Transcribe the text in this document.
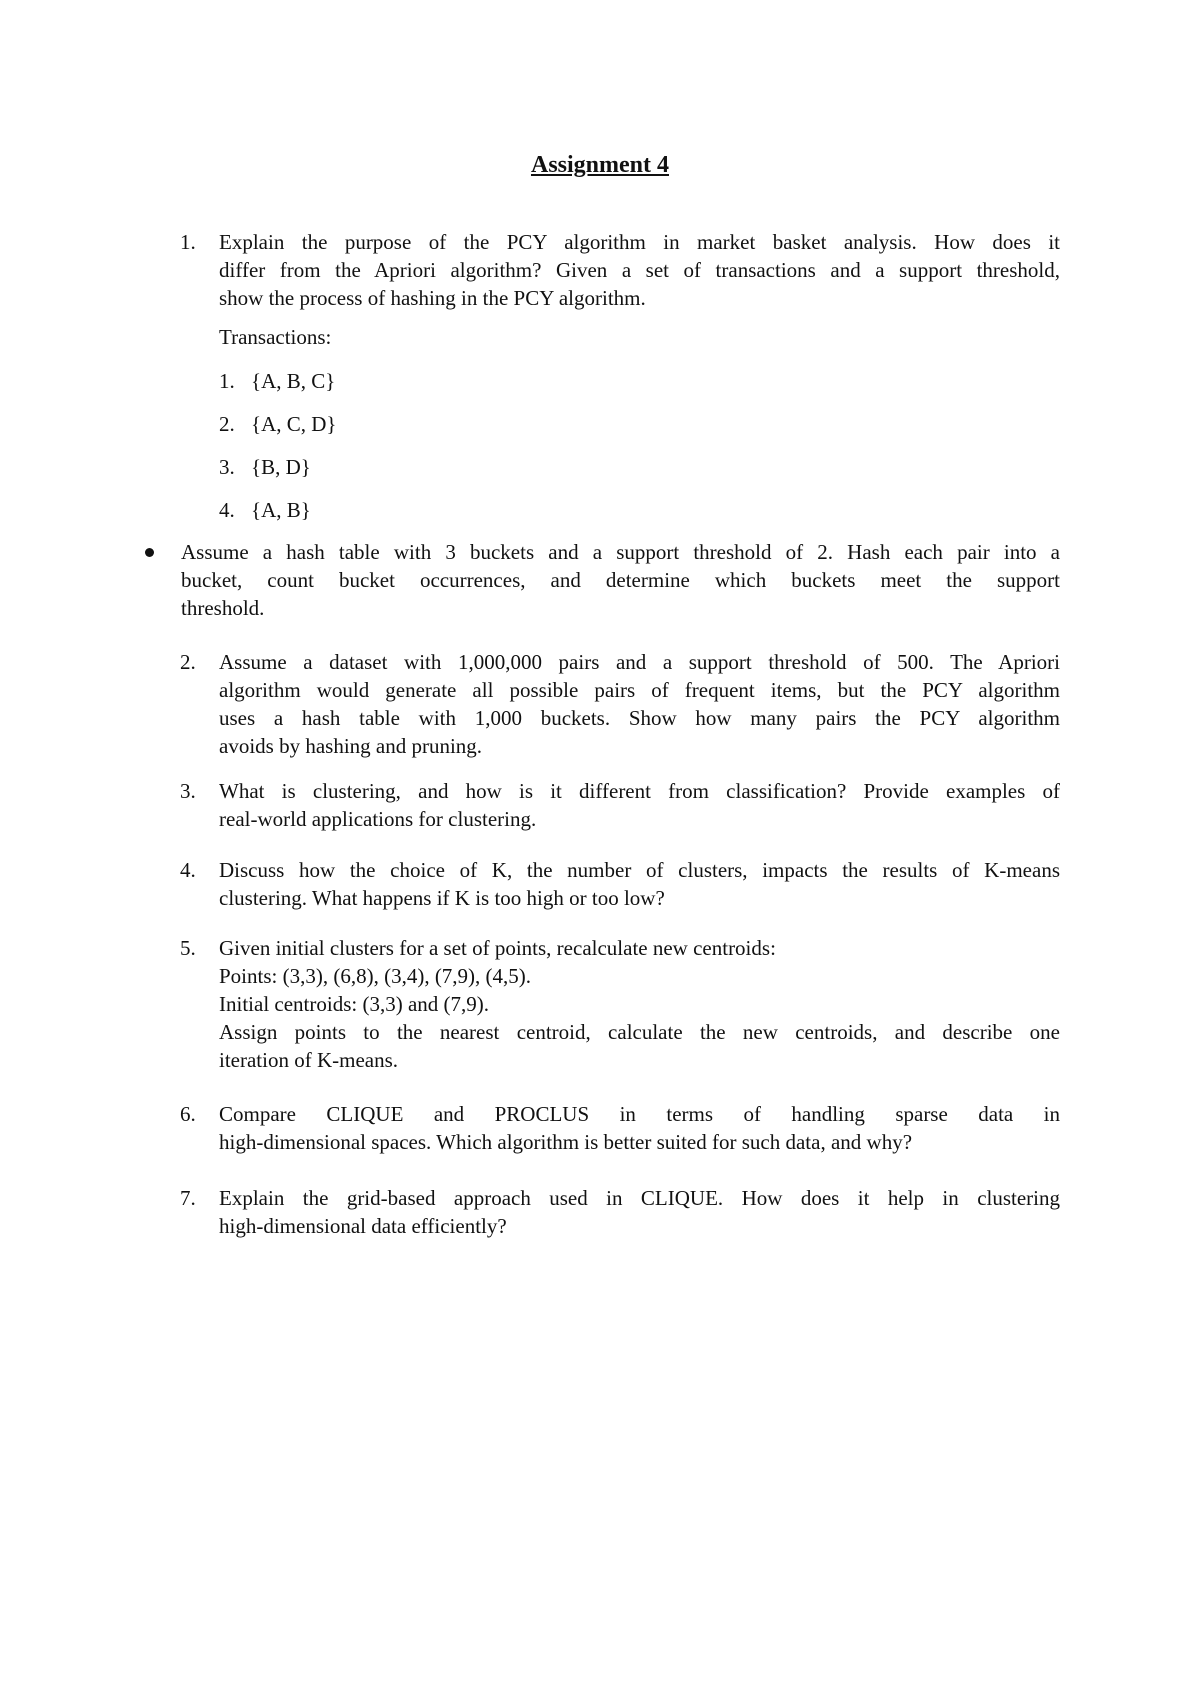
Assignment 4
1.	Explain the purpose of the PCY algorithm in market basket analysis. How does it
differ from the Apriori algorithm? Given a set of transactions and a support threshold,
show the process of hashing in the PCY algorithm.
Transactions:
1. {A, B, C}
2. {A, C, D}
3. {B, D}
4. {A, B}
Assume a hash table with 3 buckets and a support threshold of 2. Hash each pair into a
bucket, count bucket occurrences, and determine which buckets meet the support
threshold.
2.	Assume a dataset with 1,000,000 pairs and a support threshold of 500. The Apriori
algorithm would generate all possible pairs of frequent items, but the PCY algorithm
uses a hash table with 1,000 buckets. Show how many pairs the PCY algorithm
avoids by hashing and pruning.
3.	What is clustering, and how is it different from classification? Provide examples of
real-world applications for clustering.
4.	Discuss how the choice of K, the number of clusters, impacts the results of K-means
clustering. What happens if K is too high or too low?
5.	Given initial clusters for a set of points, recalculate new centroids:
Points: (3,3), (6,8), (3,4), (7,9), (4,5).
Initial centroids: (3,3) and (7,9).
Assign points to the nearest centroid, calculate the new centroids, and describe one
iteration of K-means.
6.	Compare CLIQUE and PROCLUS in terms of handling sparse data in
high-dimensional spaces. Which algorithm is better suited for such data, and why?
7.	Explain the grid-based approach used in CLIQUE. How does it help in clustering
high-dimensional data efficiently?
